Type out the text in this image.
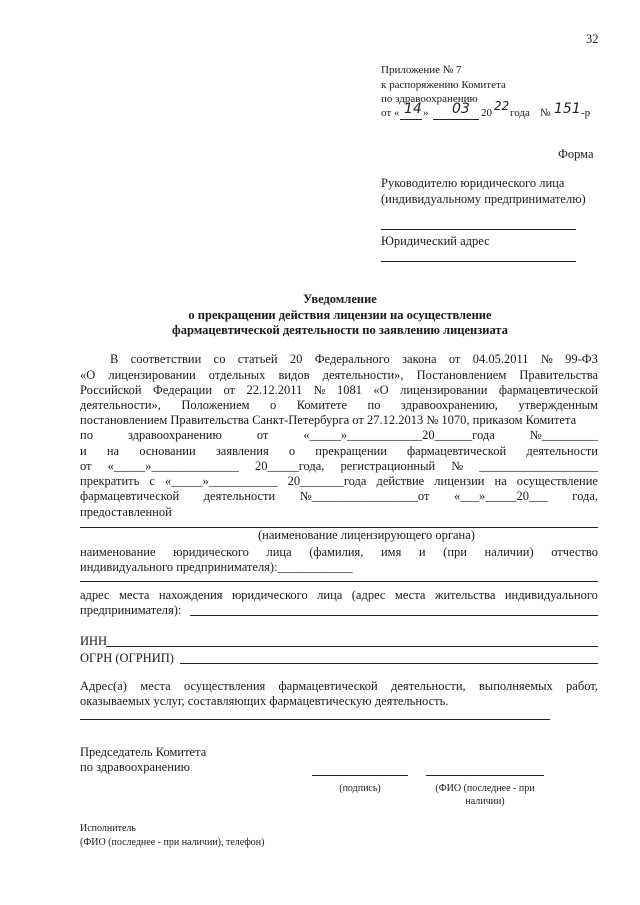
32
Приложение № 7
к распоряжению Комитета
по здравоохранению
от « 14 » 03 20 22 года № 151 -р
Форма
Руководителю юридического лица
(индивидуальному предпринимателю)
Юридический адрес
Уведомление
о прекращении действия лицензии на осуществление
фармацевтической деятельности по заявлению лицензиата
В соответствии со статьей 20 Федерального закона от 04.05.2011 № 99-ФЗ
«О лицензировании отдельных видов деятельности», Постановлением Правительства
Российской Федерации от 22.12.2011 № 1081 «О лицензировании фармацевтической
деятельности», Положением о Комитете по здравоохранению, утвержденным
постановлением Правительства Санкт-Петербурга от 27.12.2013 № 1070, приказом Комитета
по	здравоохранению	от	«_____»____________20______года	№_________
и на основании заявления о прекращении фармацевтической деятельности
от «_____»______________ 20_____года, регистрационный № ___________________
прекратить с «_____»___________ 20_______года действие лицензии на осуществление
фармацевтической деятельности №_________________от «___»_____20___ года,
предоставленной
(наименование лицензирующего органа)
наименование юридического лица (фамилия, имя и (при наличии) отчество
индивидуального предпринимателя):____________
адрес места нахождения юридического лица (адрес места жительства индивидуального
предпринимателя):
ИНН
ОГРН (ОГРНИП)
Адрес(а) места осуществления фармацевтической деятельности, выполняемых работ,
оказываемых услуг, составляющих фармацевтическую деятельность.
Председатель Комитета
по здравоохранению
(подпись)	(ФИО (последнее - при
наличии)
Исполнитель
(ФИО (последнее - при наличии), телефон)
